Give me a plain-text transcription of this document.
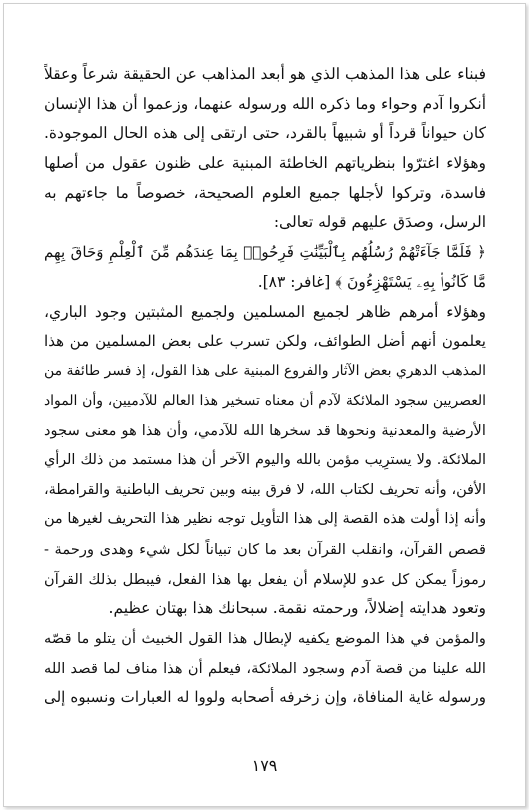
فبناء على هذا المذهب الذي هو أبعد المذاهب عن الحقيقة شرعاً وعقلاً
أنكروا آدم وحواء وما ذكره الله ورسوله عنهما، وزعموا أن هذا الإنسان
كان حيواناً قرداً أو شبيهاً بالقرد، حتى ارتقى إلى هذه الحال الموجودة.
وهؤلاء اغترّوا بنظرياتهم الخاطئة المبنية على ظنون عقول من أصلها
فاسدة، وتركوا لأجلها جميع العلوم الصحيحة، خصوصاً ما جاءتهم به
الرسل، وصدَق عليهم قوله تعالى:
﴿ فَلَمَّا جَآءَتْهُمْ رُسُلُهُم بِٱلْبَيِّنَٰتِ فَرِحُوا۟ بِمَا عِندَهُم مِّنَ ٱلْعِلْمِ وَحَاقَ بِهِم
مَّا كَانُوا۟ بِهِۦ يَسْتَهْزِءُونَ ﴾ [غافر: ٨٣].
وهؤلاء أمرهم ظاهر لجميع المسلمين ولجميع المثبتين وجود الباري،
يعلمون أنهم أضل الطوائف، ولكن تسرب على بعض المسلمين من هذا
المذهب الدهري بعض الآثار والفروع المبنية على هذا القول، إذ فسر طائفة من
العصريين سجود الملائكة لآدم أن معناه تسخير هذا العالم للآدميين، وأن المواد
الأرضية والمعدنية ونحوها قد سخرها الله للآدمي، وأن هذا هو معنى سجود
الملائكة. ولا يسترِيب مؤمن بالله واليوم الآخر أن هذا مستمد من ذلك الرأي
الأفن، وأنه تحريف لكتاب الله، لا فرق بينه وبين تحريف الباطنية والقرامطة،
وأنه إذا أولت هذه القصة إلى هذا التأويل توجه نظير هذا التحريف لغيرها من
قصص القرآن، وانقلب القرآن بعد ما كان تبياناً لكل شيء وهدى ورحمة -
رموزاً يمكن كل عدو للإسلام أن يفعل بها هذا الفعل، فيبطل بذلك القرآن
وتعود هدايته إضلالاً، ورحمته نقمة. سبحانك هذا بهتان عظيم.
والمؤمن في هذا الموضع يكفيه لإبطال هذا القول الخبيث أن يتلو ما قصّه
الله علينا من قصة آدم وسجود الملائكة، فيعلم أن هذا مناف لما قصد الله
ورسوله غاية المنافاة، وإن زخرفه أصحابه ولووا له العبارات ونسبوه إلى
١٧٩
